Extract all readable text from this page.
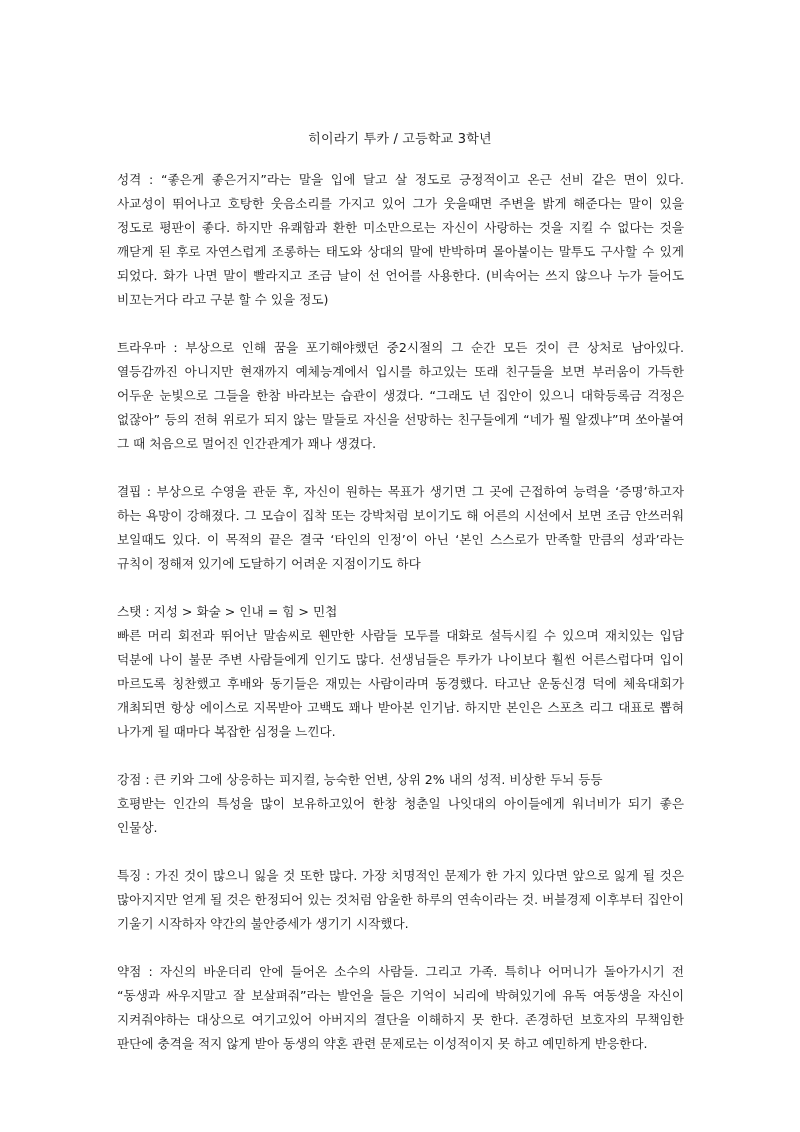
히이라기 투카 / 고등학교 3학년

성격 : “좋은게 좋은거지”라는 말을 입에 달고 살 정도로 긍정적이고 온근 선비 같은 면이 있다. 사교성이 뛰어나고 호탕한 웃음소리를 가지고 있어 그가 웃을때면 주변을 밝게 해준다는 말이 있을 정도로 평판이 좋다. 하지만 유쾌함과 환한 미소만으로는 자신이 사랑하는 것을 지킬 수 없다는 것을 깨닫게 된 후로 자연스럽게 조롱하는 태도와 상대의 말에 반박하며 몰아붙이는 말투도 구사할 수 있게 되었다. 화가 나면 말이 빨라지고 조금 날이 선 언어를 사용한다. (비속어는 쓰지 않으나 누가 들어도 비꼬는거다 라고 구분 할 수 있을 정도)

트라우마 : 부상으로 인해 꿈을 포기해야했던 중2시절의 그 순간 모든 것이 큰 상처로 남아있다. 열등감까진 아니지만 현재까지 예체능계에서 입시를 하고있는 또래 친구들을 보면 부러움이 가득한 어두운 눈빛으로 그들을 한참 바라보는 습관이 생겼다. “그래도 넌 집안이 있으니 대학등록금 걱정은 없잖아” 등의 전혀 위로가 되지 않는 말들로 자신을 선망하는 친구들에게 “네가 뭘 알겠냐”며 쏘아붙여 그 때 처음으로 멀어진 인간관계가 꽤나 생겼다.

결핍 : 부상으로 수영을 관둔 후, 자신이 원하는 목표가 생기면 그 곳에 근접하여 능력을 ‘증명’하고자 하는 욕망이 강해졌다. 그 모습이 집착 또는 강박처럼 보이기도 해 어른의 시선에서 보면 조금 안쓰러워 보일때도 있다. 이 목적의 끝은 결국 ‘타인의 인정’이 아닌 ‘본인 스스로가 만족할 만큼의 성과’라는 규칙이 정해져 있기에 도달하기 어려운 지점이기도 하다

스탯 : 지성 > 화술 > 인내 = 힘 > 민첩

빠른 머리 회전과 뛰어난 말솜씨로 웬만한 사람들 모두를 대화로 설득시킬 수 있으며 재치있는 입담 덕분에 나이 불문 주변 사람들에게 인기도 많다. 선생님들은 투카가 나이보다 훨씬 어른스럽다며 입이 마르도록 칭찬했고 후배와 동기들은 재밌는 사람이라며 동경했다. 타고난 운동신경 덕에 체육대회가 개최되면 항상 에이스로 지목받아 고백도 꽤나 받아본 인기남. 하지만 본인은 스포츠 리그 대표로 뽑혀 나가게 될 때마다 복잡한 심정을 느낀다.

강점 : 큰 키와 그에 상응하는 피지컬, 능숙한 언변, 상위 2% 내의 성적. 비상한 두뇌 등등

호평받는 인간의 특성을 많이 보유하고있어 한창 청춘일 나잇대의 아이들에게 워너비가 되기 좋은 인물상.

특징 : 가진 것이 많으니 잃을 것 또한 많다. 가장 치명적인 문제가 한 가지 있다면 앞으로 잃게 될 것은 많아지지만 얻게 될 것은 한정되어 있는 것처럼 암울한 하루의 연속이라는 것. 버블경제 이후부터 집안이 기울기 시작하자 약간의 불안증세가 생기기 시작했다.

약점 : 자신의 바운더리 안에 들어온 소수의 사람들. 그리고 가족. 특히나 어머니가 돌아가시기 전 “동생과 싸우지말고 잘 보살펴줘”라는 발언을 들은 기억이 뇌리에 박혀있기에 유독 여동생을 자신이 지켜줘야하는 대상으로 여기고있어 아버지의 결단을 이해하지 못 한다. 존경하던 보호자의 무책임한 판단에 충격을 적지 않게 받아 동생의 약혼 관련 문제로는 이성적이지 못 하고 예민하게 반응한다.
